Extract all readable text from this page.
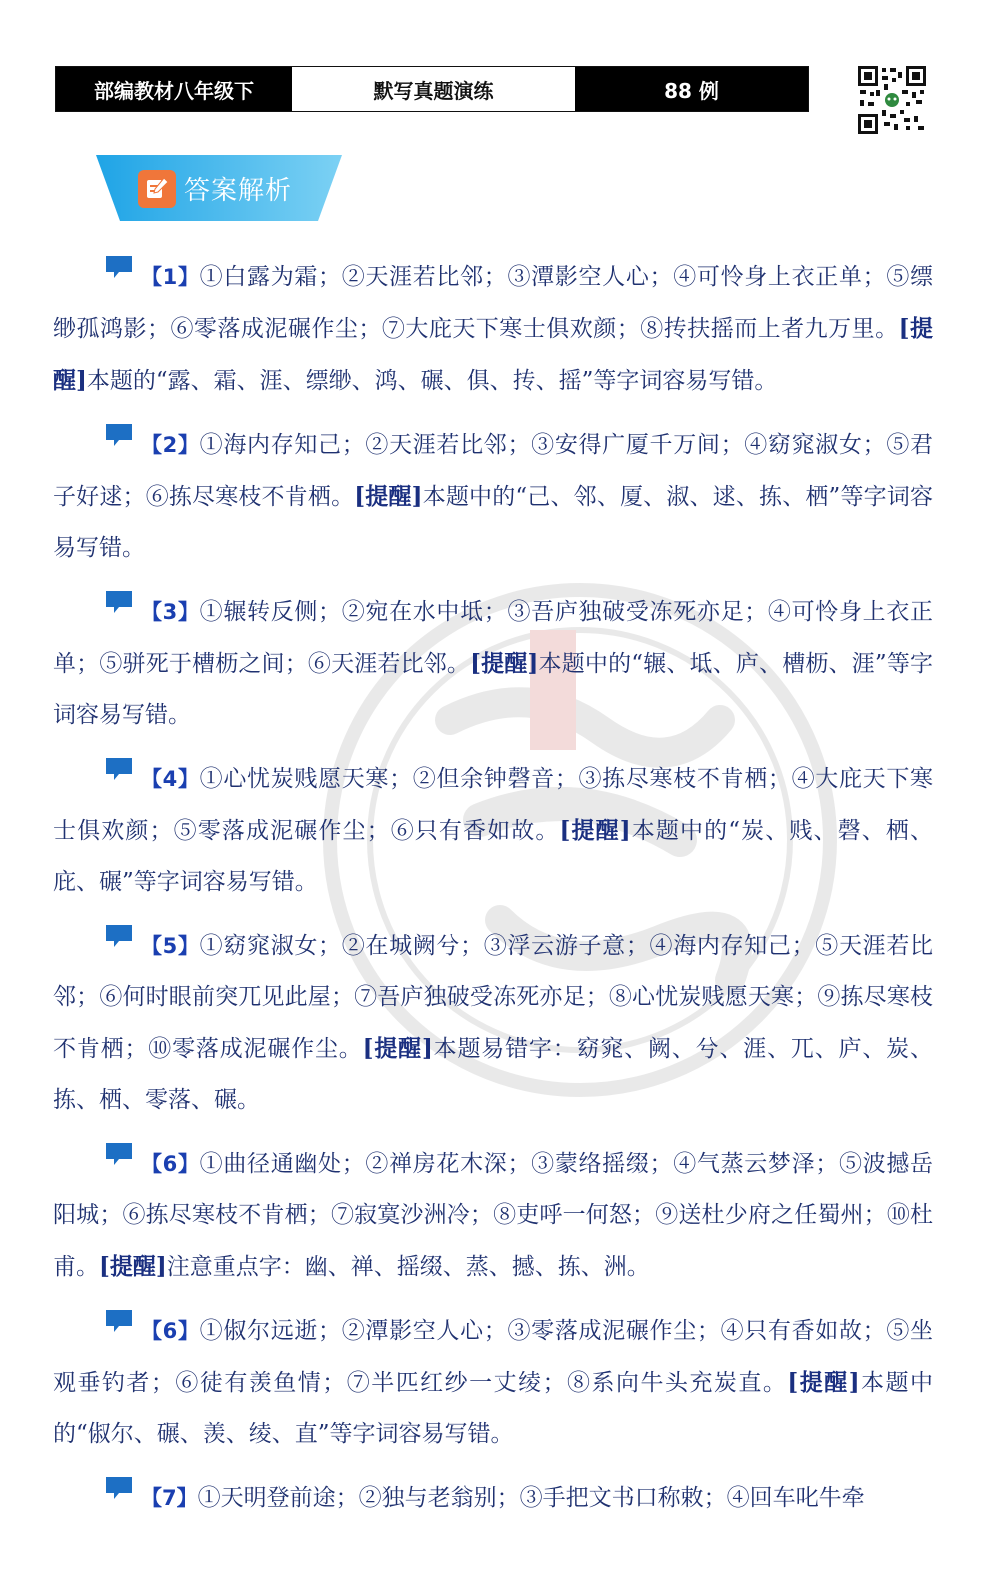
部编教材八年级下	默写真题演练	88 例
答案解析

【1】①白露为霜；②天涯若比邻；③潭影空人心；④可怜身上衣正单；⑤缥缈孤鸿影；⑥零落成泥碾作尘；⑦大庇天下寒士俱欢颜；⑧抟扶摇而上者九万里。[提醒]本题的“露、霜、涯、缥缈、鸿、碾、俱、抟、摇”等字词容易写错。

【2】①海内存知己；②天涯若比邻；③安得广厦千万间；④窈窕淑女；⑤君子好逑；⑥拣尽寒枝不肯栖。[提醒]本题中的“己、邻、厦、淑、逑、拣、栖”等字词容易写错。

【3】①辗转反侧；②宛在水中坻；③吾庐独破受冻死亦足；④可怜身上衣正单；⑤骈死于槽枥之间；⑥天涯若比邻。[提醒]本题中的“辗、坻、庐、槽枥、涯”等字词容易写错。

【4】①心忧炭贱愿天寒；②但余钟磬音；③拣尽寒枝不肯栖；④大庇天下寒士俱欢颜；⑤零落成泥碾作尘；⑥只有香如故。[提醒]本题中的“炭、贱、磬、栖、庇、碾”等字词容易写错。

【5】①窈窕淑女；②在城阙兮；③浮云游子意；④海内存知己；⑤天涯若比邻；⑥何时眼前突兀见此屋；⑦吾庐独破受冻死亦足；⑧心忧炭贱愿天寒；⑨拣尽寒枝不肯栖；⑩零落成泥碾作尘。[提醒]本题易错字：窈窕、阙、兮、涯、兀、庐、炭、拣、栖、零落、碾。

【6】①曲径通幽处；②禅房花木深；③蒙络摇缀；④气蒸云梦泽；⑤波撼岳阳城；⑥拣尽寒枝不肯栖；⑦寂寞沙洲冷；⑧吏呼一何怒；⑨送杜少府之任蜀州；⑩杜甫。[提醒]注意重点字：幽、禅、摇缀、蒸、撼、拣、洲。

【6】①俶尔远逝；②潭影空人心；③零落成泥碾作尘；④只有香如故；⑤坐观垂钓者；⑥徒有羡鱼情；⑦半匹红纱一丈绫；⑧系向牛头充炭直。[提醒]本题中的“俶尔、碾、羡、绫、直”等字词容易写错。

【7】①天明登前途；②独与老翁别；③手把文书口称敕；④回车叱牛牵
